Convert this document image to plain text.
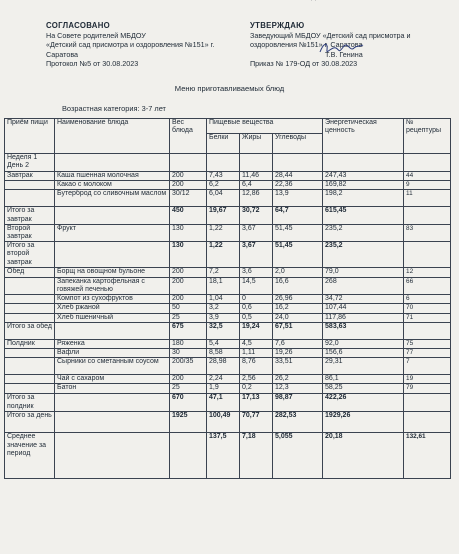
СОГЛАСОВАНО
На Совете родителей МБДОУ
«Детский сад присмотра и оздоровления №151» г.
Саратова
Протокол №5 от 30.08.2023
УТВЕРЖДАЮ
Заведующий МБДОУ «Детский сад присмотра и
оздоровления №151» г. Саратова
Т.В. Генина
Приказ № 179-ОД от 30.08.2023
Меню приготавливаемых блюд
Возрастная категория: 3-7 лет
Приём пищи	Наименование блюда	Вес блюда	Пищевые вещества			Энергетическая ценность	№ рецептуры
			Белки	Жиры	Углеводы		
Неделя 1 День 2							
Завтрак	Каша пшенная молочная	200	7,43	11,46	28,44	247,43	44
	Какао с молоком	200	6,2	6,4	22,36	169,82	9
	Бутерброд со сливочным маслом	30/12	6,04	12,86	13,9	198,2	11
Итого за завтрак		450	19,67	30,72	64,7	615,45	
Второй завтрак	Фрукт	130	1,22	3,67	51,45	235,2	83
Итого за второй завтрак		130	1,22	3,67	51,45	235,2	
Обед	Борщ на овощном бульоне	200	7,2	3,6	2,0	79,0	12
	Запеканка картофельная с говяжей печенью	200	18,1	14,5	16,6	268	66
	Компот из сухофруктов	200	1,04	0	26,96	34,72	6
	Хлеб ржаной	50	3,2	0,6	16,2	107,44	70
	Хлеб пшеничный	25	3,9	0,5	24,0	117,86	71
Итого за обед		675	32,5	19,24	67,51	583,63	
Полдник	Ряженка	180	5,4	4,5	7,6	92,0	75
	Вафли	30	8,58	1,11	19,26	156,6	77
	Сырники со сметанным соусом	200/35	28,98	8,76	33,51	29,31	7
	Чай с сахаром	200	2,24	2,56	26,2	86,1	19
	Батон	25	1,9	0,2	12,3	58,25	79
Итого за полдник		670	47,1	17,13	98,87	422,26	
Итого за день		1925	100,49	70,77	282,53	1929,26	
Среднее значение за период			137,5	7,18	5,055	20,18	132,61
